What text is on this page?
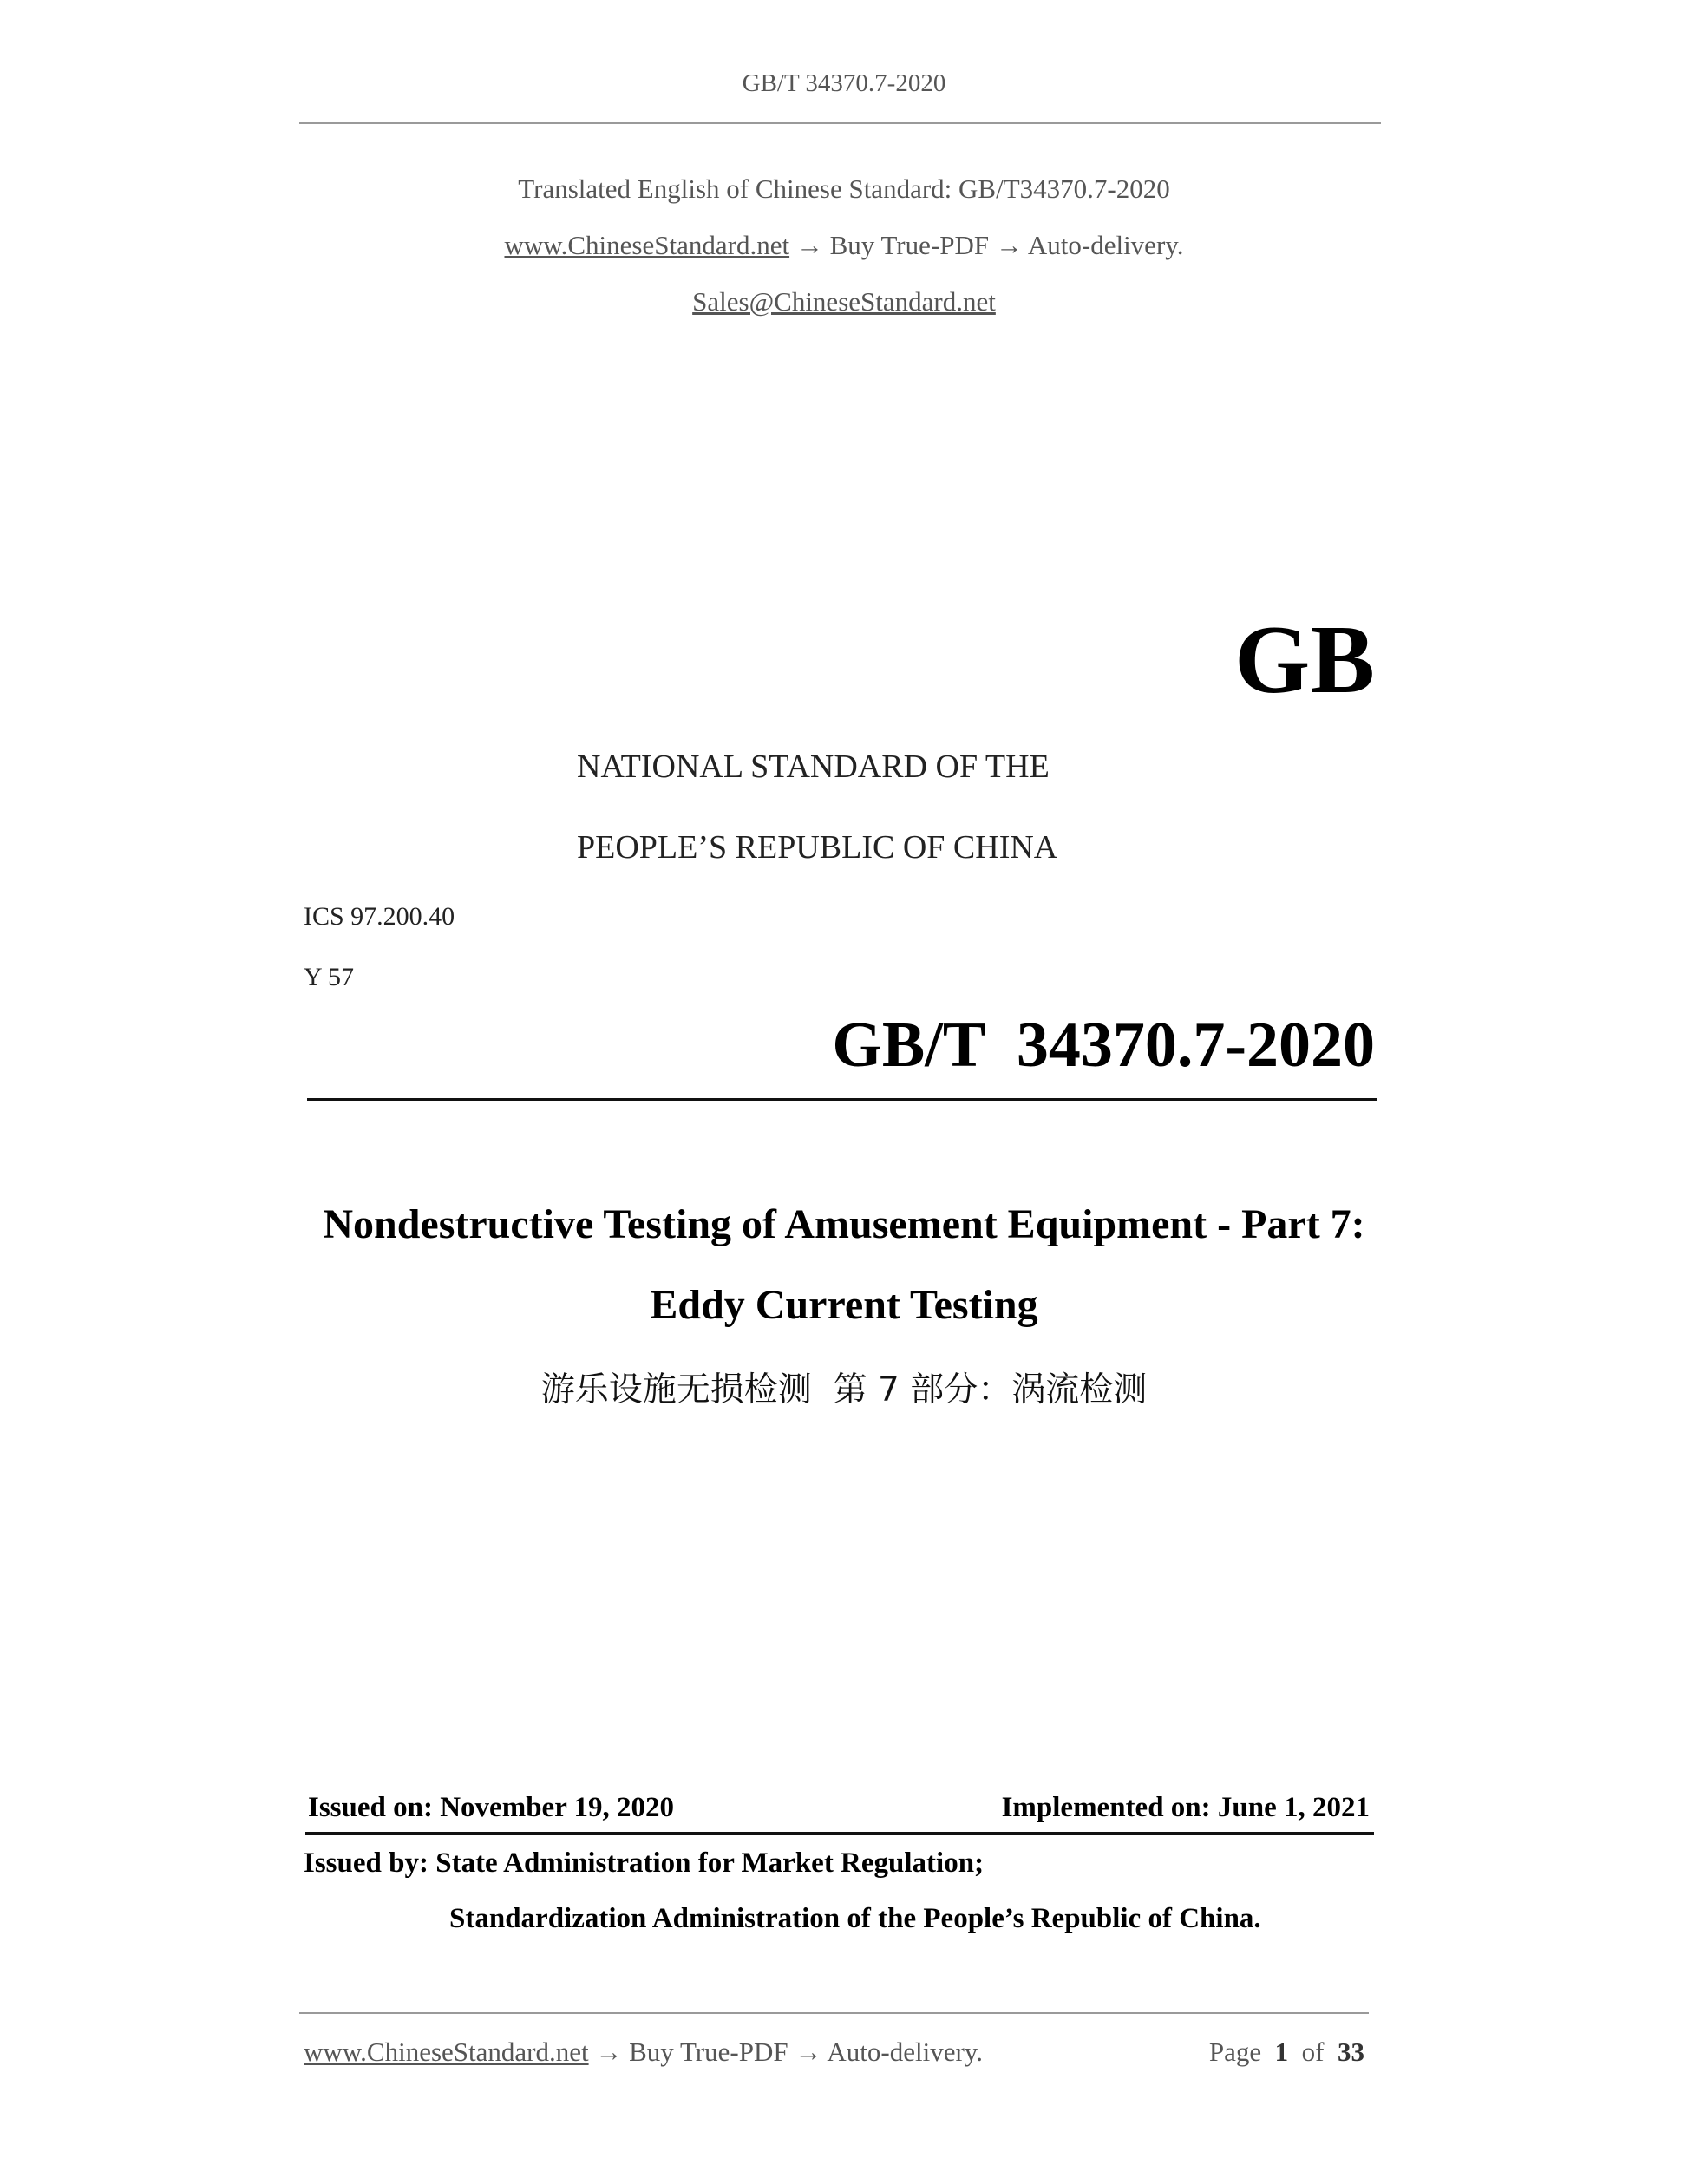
GB/T 34370.7-2020
Translated English of Chinese Standard: GB/T34370.7-2020
www.ChineseStandard.net → Buy True-PDF → Auto-delivery.
Sales@ChineseStandard.net
GB
NATIONAL STANDARD OF THE
PEOPLE’S REPUBLIC OF CHINA
ICS 97.200.40
Y 57
GB/T  34370.7-2020
Nondestructive Testing of Amusement Equipment - Part 7:
Eddy Current Testing
游乐设施无损检测  第 7 部分：涡流检测
Issued on: November 19, 2020	Implemented on: June 1, 2021
Issued by: State Administration for Market Regulation;
Standardization Administration of the People’s Republic of China.
www.ChineseStandard.net → Buy True-PDF → Auto-delivery.	Page 1 of 33
